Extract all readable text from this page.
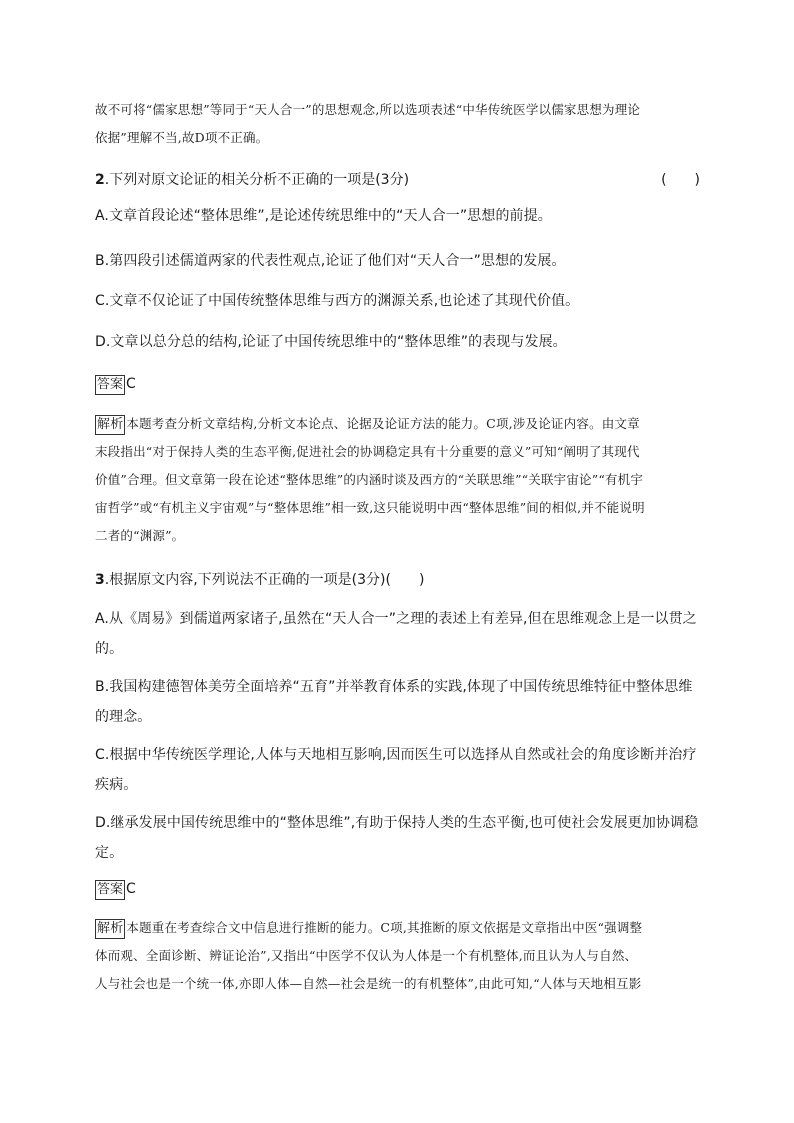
故不可将“儒家思想”等同于“天人合一”的思想观念,所以选项表述“中华传统医学以儒家思想为理论
依据”理解不当,故D项不正确。
2.下列对原文论证的相关分析不正确的一项是(3分)	(　　)
A.文章首段论述“整体思维”,是论述传统思维中的“天人合一”思想的前提。
B.第四段引述儒道两家的代表性观点,论证了他们对“天人合一”思想的发展。
C.文章不仅论证了中国传统整体思维与西方的渊源关系,也论述了其现代价值。
D.文章以总分总的结构,论证了中国传统思维中的“整体思维”的表现与发展。
答案 C
解析 本题考查分析文章结构,分析文本论点、论据及论证方法的能力。C项,涉及论证内容。由文章
末段指出“对于保持人类的生态平衡,促进社会的协调稳定具有十分重要的意义”可知“阐明了其现代
价值”合理。但文章第一段在论述“整体思维”的内涵时谈及西方的“关联思维”“关联宇宙论”“有机宇
宙哲学”或“有机主义宇宙观”与“整体思维”相一致,这只能说明中西“整体思维”间的相似,并不能说明
二者的“渊源”。
3.根据原文内容,下列说法不正确的一项是(3分)(　　)
A.从《周易》到儒道两家诸子,虽然在“天人合一”之理的表述上有差异,但在思维观念上是一以贯之
的。
B.我国构建德智体美劳全面培养“五育”并举教育体系的实践,体现了中国传统思维特征中整体思维
的理念。
C.根据中华传统医学理论,人体与天地相互影响,因而医生可以选择从自然或社会的角度诊断并治疗
疾病。
D.继承发展中国传统思维中的“整体思维”,有助于保持人类的生态平衡,也可使社会发展更加协调稳
定。
答案 C
解析 本题重在考查综合文中信息进行推断的能力。C项,其推断的原文依据是文章指出中医“强调整
体而观、全面诊断、辨证论治”,又指出“中医学不仅认为人体是一个有机整体,而且认为人与自然、
人与社会也是一个统一体,亦即人体—自然—社会是统一的有机整体”,由此可知,“人体与天地相互影
